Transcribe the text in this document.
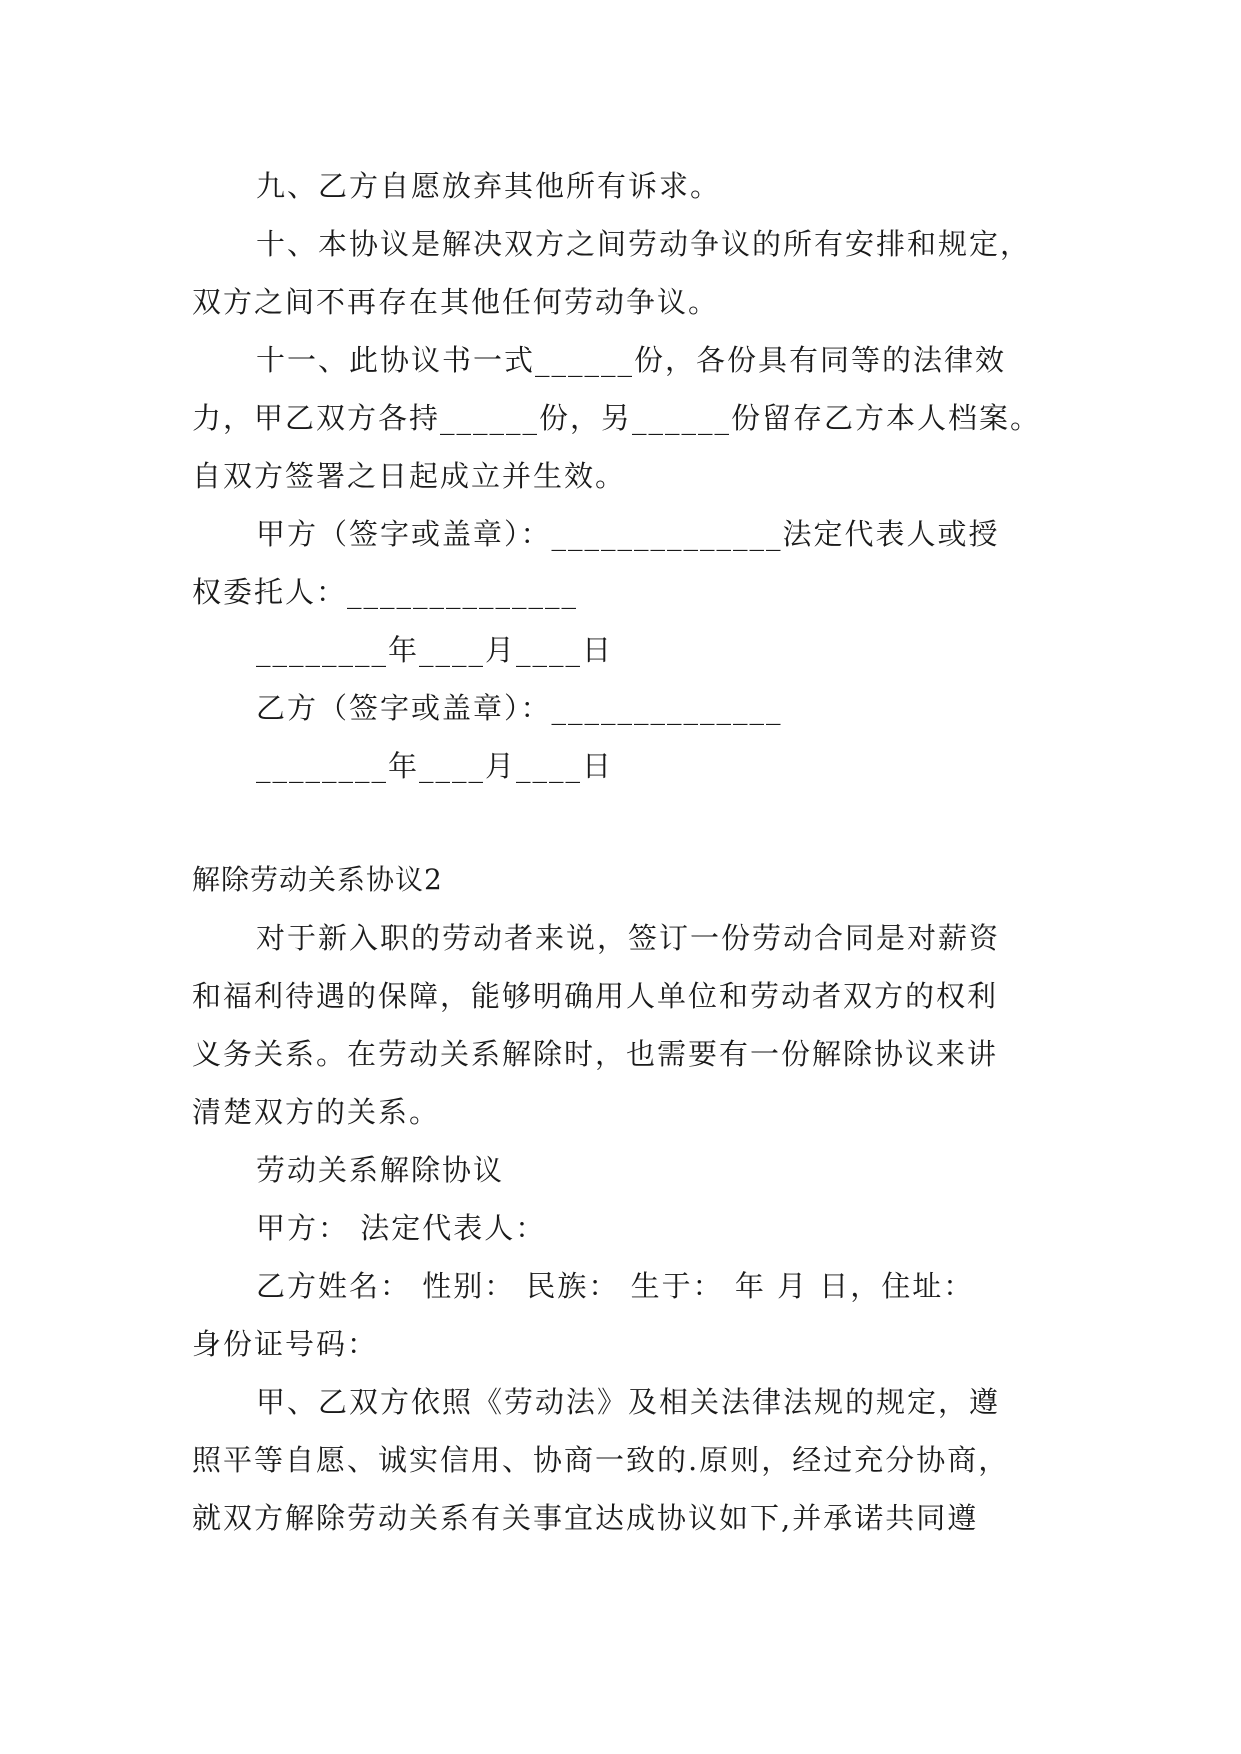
九、乙方自愿放弃其他所有诉求。
十、本协议是解决双方之间劳动争议的所有安排和规定，
双方之间不再存在其他任何劳动争议。
十一、此协议书一式______份，各份具有同等的法律效
力，甲乙双方各持______份，另______份留存乙方本人档案。
自双方签署之日起成立并生效。
甲方（签字或盖章）：______________法定代表人或授
权委托人：______________
________年____月____日
乙方（签字或盖章）：______________
________年____月____日
解除劳动关系协议2
对于新入职的劳动者来说，签订一份劳动合同是对薪资
和福利待遇的保障，能够明确用人单位和劳动者双方的权利
义务关系。在劳动关系解除时，也需要有一份解除协议来讲
清楚双方的关系。
劳动关系解除协议
甲方： 法定代表人：
乙方姓名： 性别： 民族： 生于： 年 月 日，住址：
身份证号码：
甲、乙双方依照《劳动法》及相关法律法规的规定，遵
照平等自愿、诚实信用、协商一致的.原则，经过充分协商，
就双方解除劳动关系有关事宜达成协议如下,并承诺共同遵
